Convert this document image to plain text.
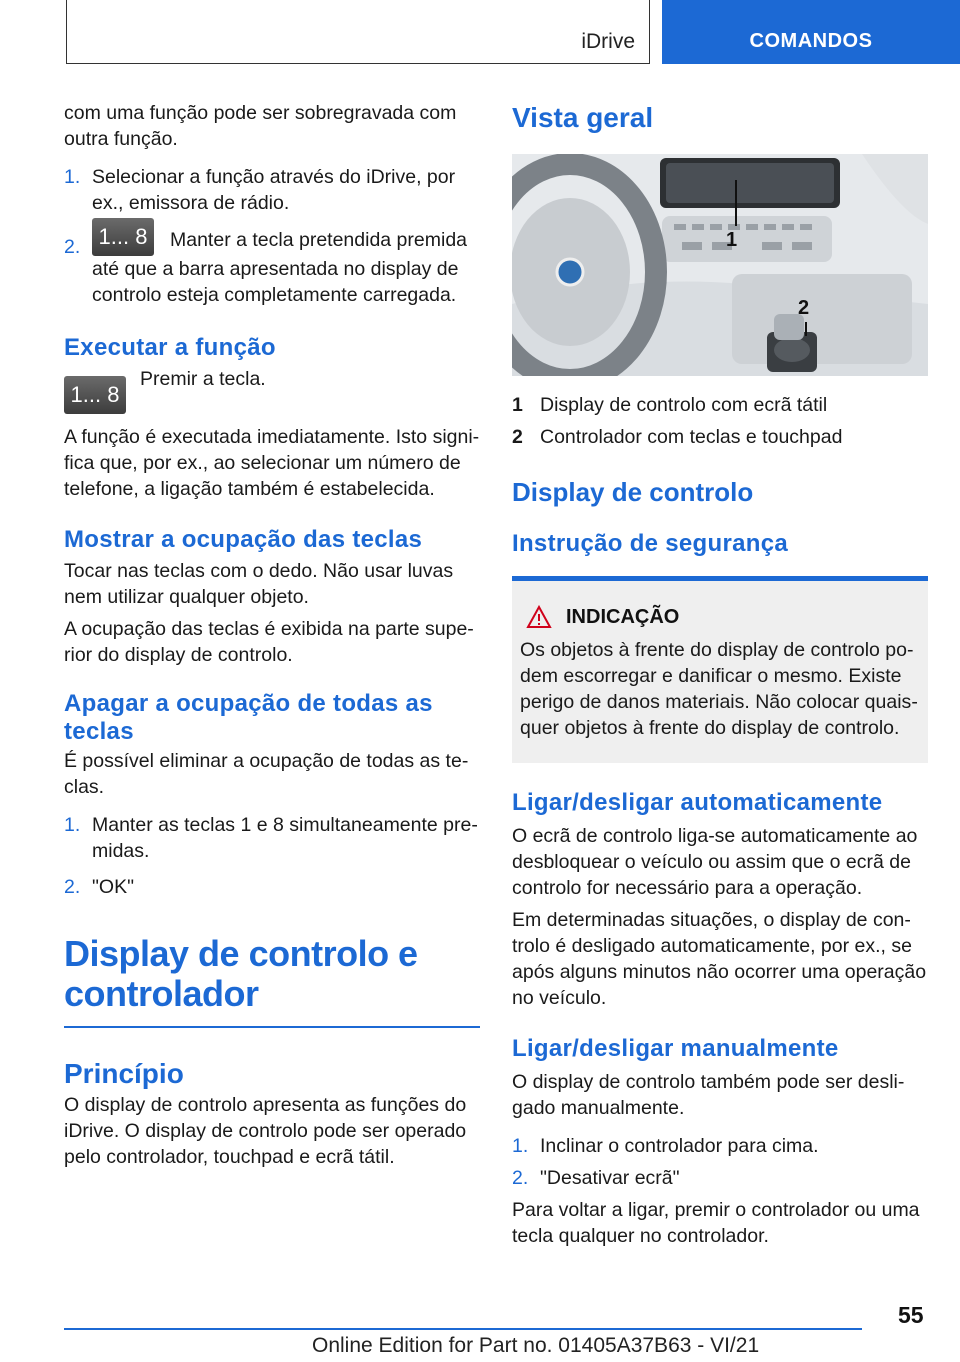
iDrive	COMANDOS

com uma função pode ser sobregravada com outra função.

1. Selecionar a função através do iDrive, por ex., emissora de rádio.
2. 1... 8 Manter a tecla pretendida premida até que a barra apresentada no display de controlo esteja completamente carregada.
Executar a função
1... 8
Premir a tecla.

A função é executada imediatamente. Isto significa que, por ex., ao selecionar um número de telefone, a ligação também é estabelecida.

Mostrar a ocupação das teclas

Tocar nas teclas com o dedo. Não usar luvas nem utilizar qualquer objeto.

A ocupação das teclas é exibida na parte superior do display de controlo.

Apagar a ocupação de todas as teclas

É possível eliminar a ocupação de todas as teclas.

1. Manter as teclas 1 e 8 simultaneamente premidas.
2. "OK"
Display de controlo e controlador
Princípio

O display de controlo apresenta as funções do iDrive. O display de controlo pode ser operado pelo controlador, touchpad e ecrã tátil.

Vista geral
1
2
1 Display de controlo com ecrã tátil
2 Controlador com teclas e touchpad
Display de controlo
Instrução de segurança
INDICAÇÃO

Os objetos à frente do display de controlo podem escorregar e danificar o mesmo. Existe perigo de danos materiais. Não colocar quaisquer objetos à frente do display de controlo.

Ligar/desligar automaticamente

O ecrã de controlo liga-se automaticamente ao desbloquear o veículo ou assim que o ecrã de controlo for necessário para a operação.

Em determinadas situações, o display de controlo é desligado automaticamente, por ex., se após alguns minutos não ocorrer uma operação no veículo.

Ligar/desligar manualmente

O display de controlo também pode ser desligado manualmente.

1. Inclinar o controlador para cima.
2. "Desativar ecrã"

Para voltar a ligar, premir o controlador ou uma tecla qualquer no controlador.

55
Online Edition for Part no. 01405A37B63 - VI/21
